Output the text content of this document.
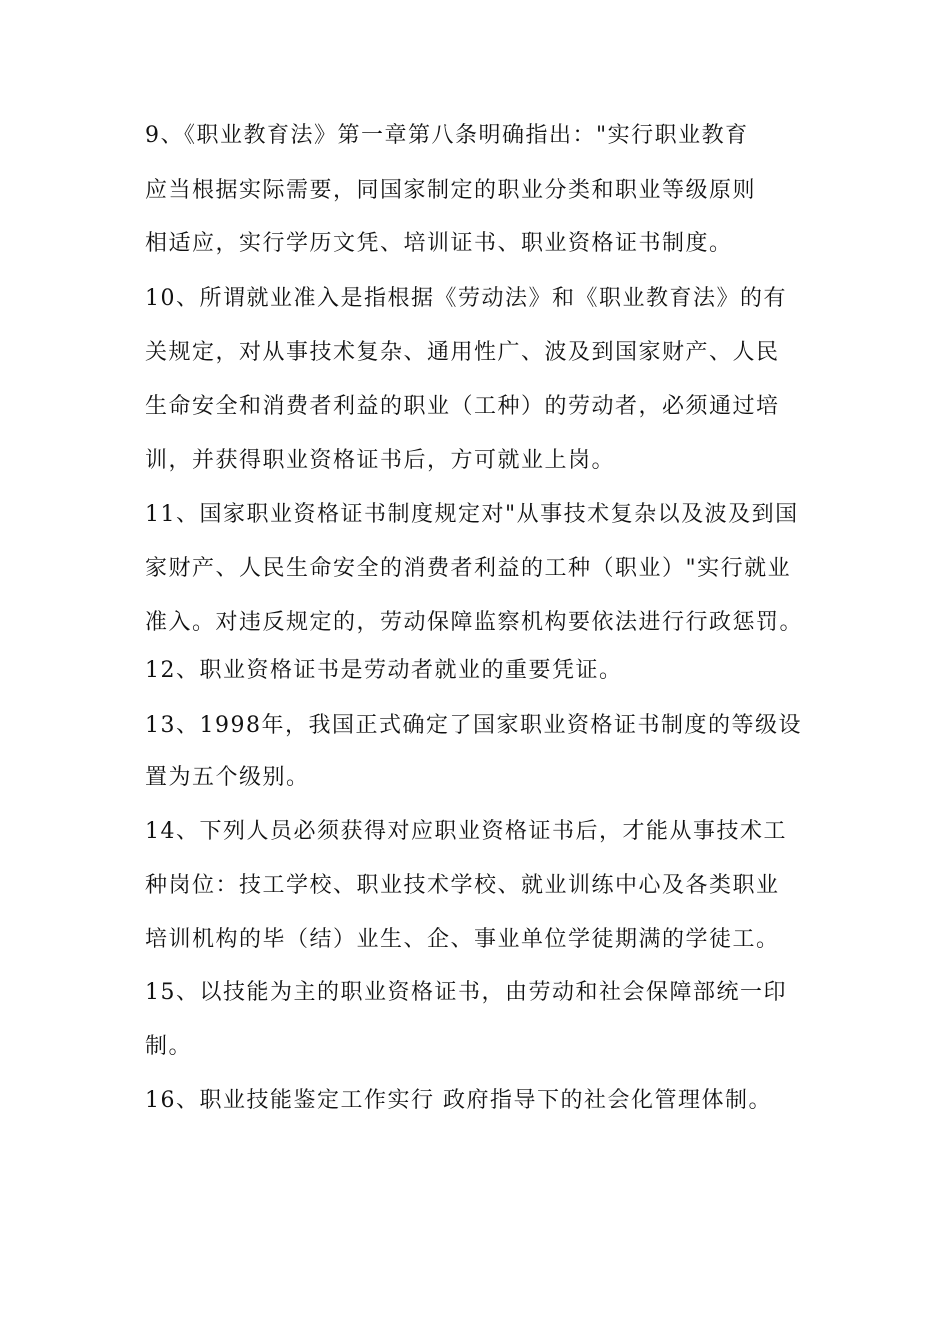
9、《职业教育法》第一章第八条明确指出："实行职业教育
应当根据实际需要，同国家制定的职业分类和职业等级原则
相适应，实行学历文凭、培训证书、职业资格证书制度。
10、所谓就业准入是指根据《劳动法》和《职业教育法》的有
关规定，对从事技术复杂、通用性广、波及到国家财产、人民
生命安全和消费者利益的职业（工种）的劳动者，必须通过培
训，并获得职业资格证书后，方可就业上岗。
11、国家职业资格证书制度规定对"从事技术复杂以及波及到国
家财产、人民生命安全的消费者利益的工种（职业）"实行就业
准入。对违反规定的，劳动保障监察机构要依法进行行政惩罚。
12、职业资格证书是劳动者就业的重要凭证。
13、1998年，我国正式确定了国家职业资格证书制度的等级设
置为五个级别。
14、下列人员必须获得对应职业资格证书后，才能从事技术工
种岗位：技工学校、职业技术学校、就业训练中心及各类职业
培训机构的毕（结）业生、企、事业单位学徒期满的学徒工。
15、以技能为主的职业资格证书，由劳动和社会保障部统一印
制。
16、职业技能鉴定工作实行 政府指导下的社会化管理体制。
